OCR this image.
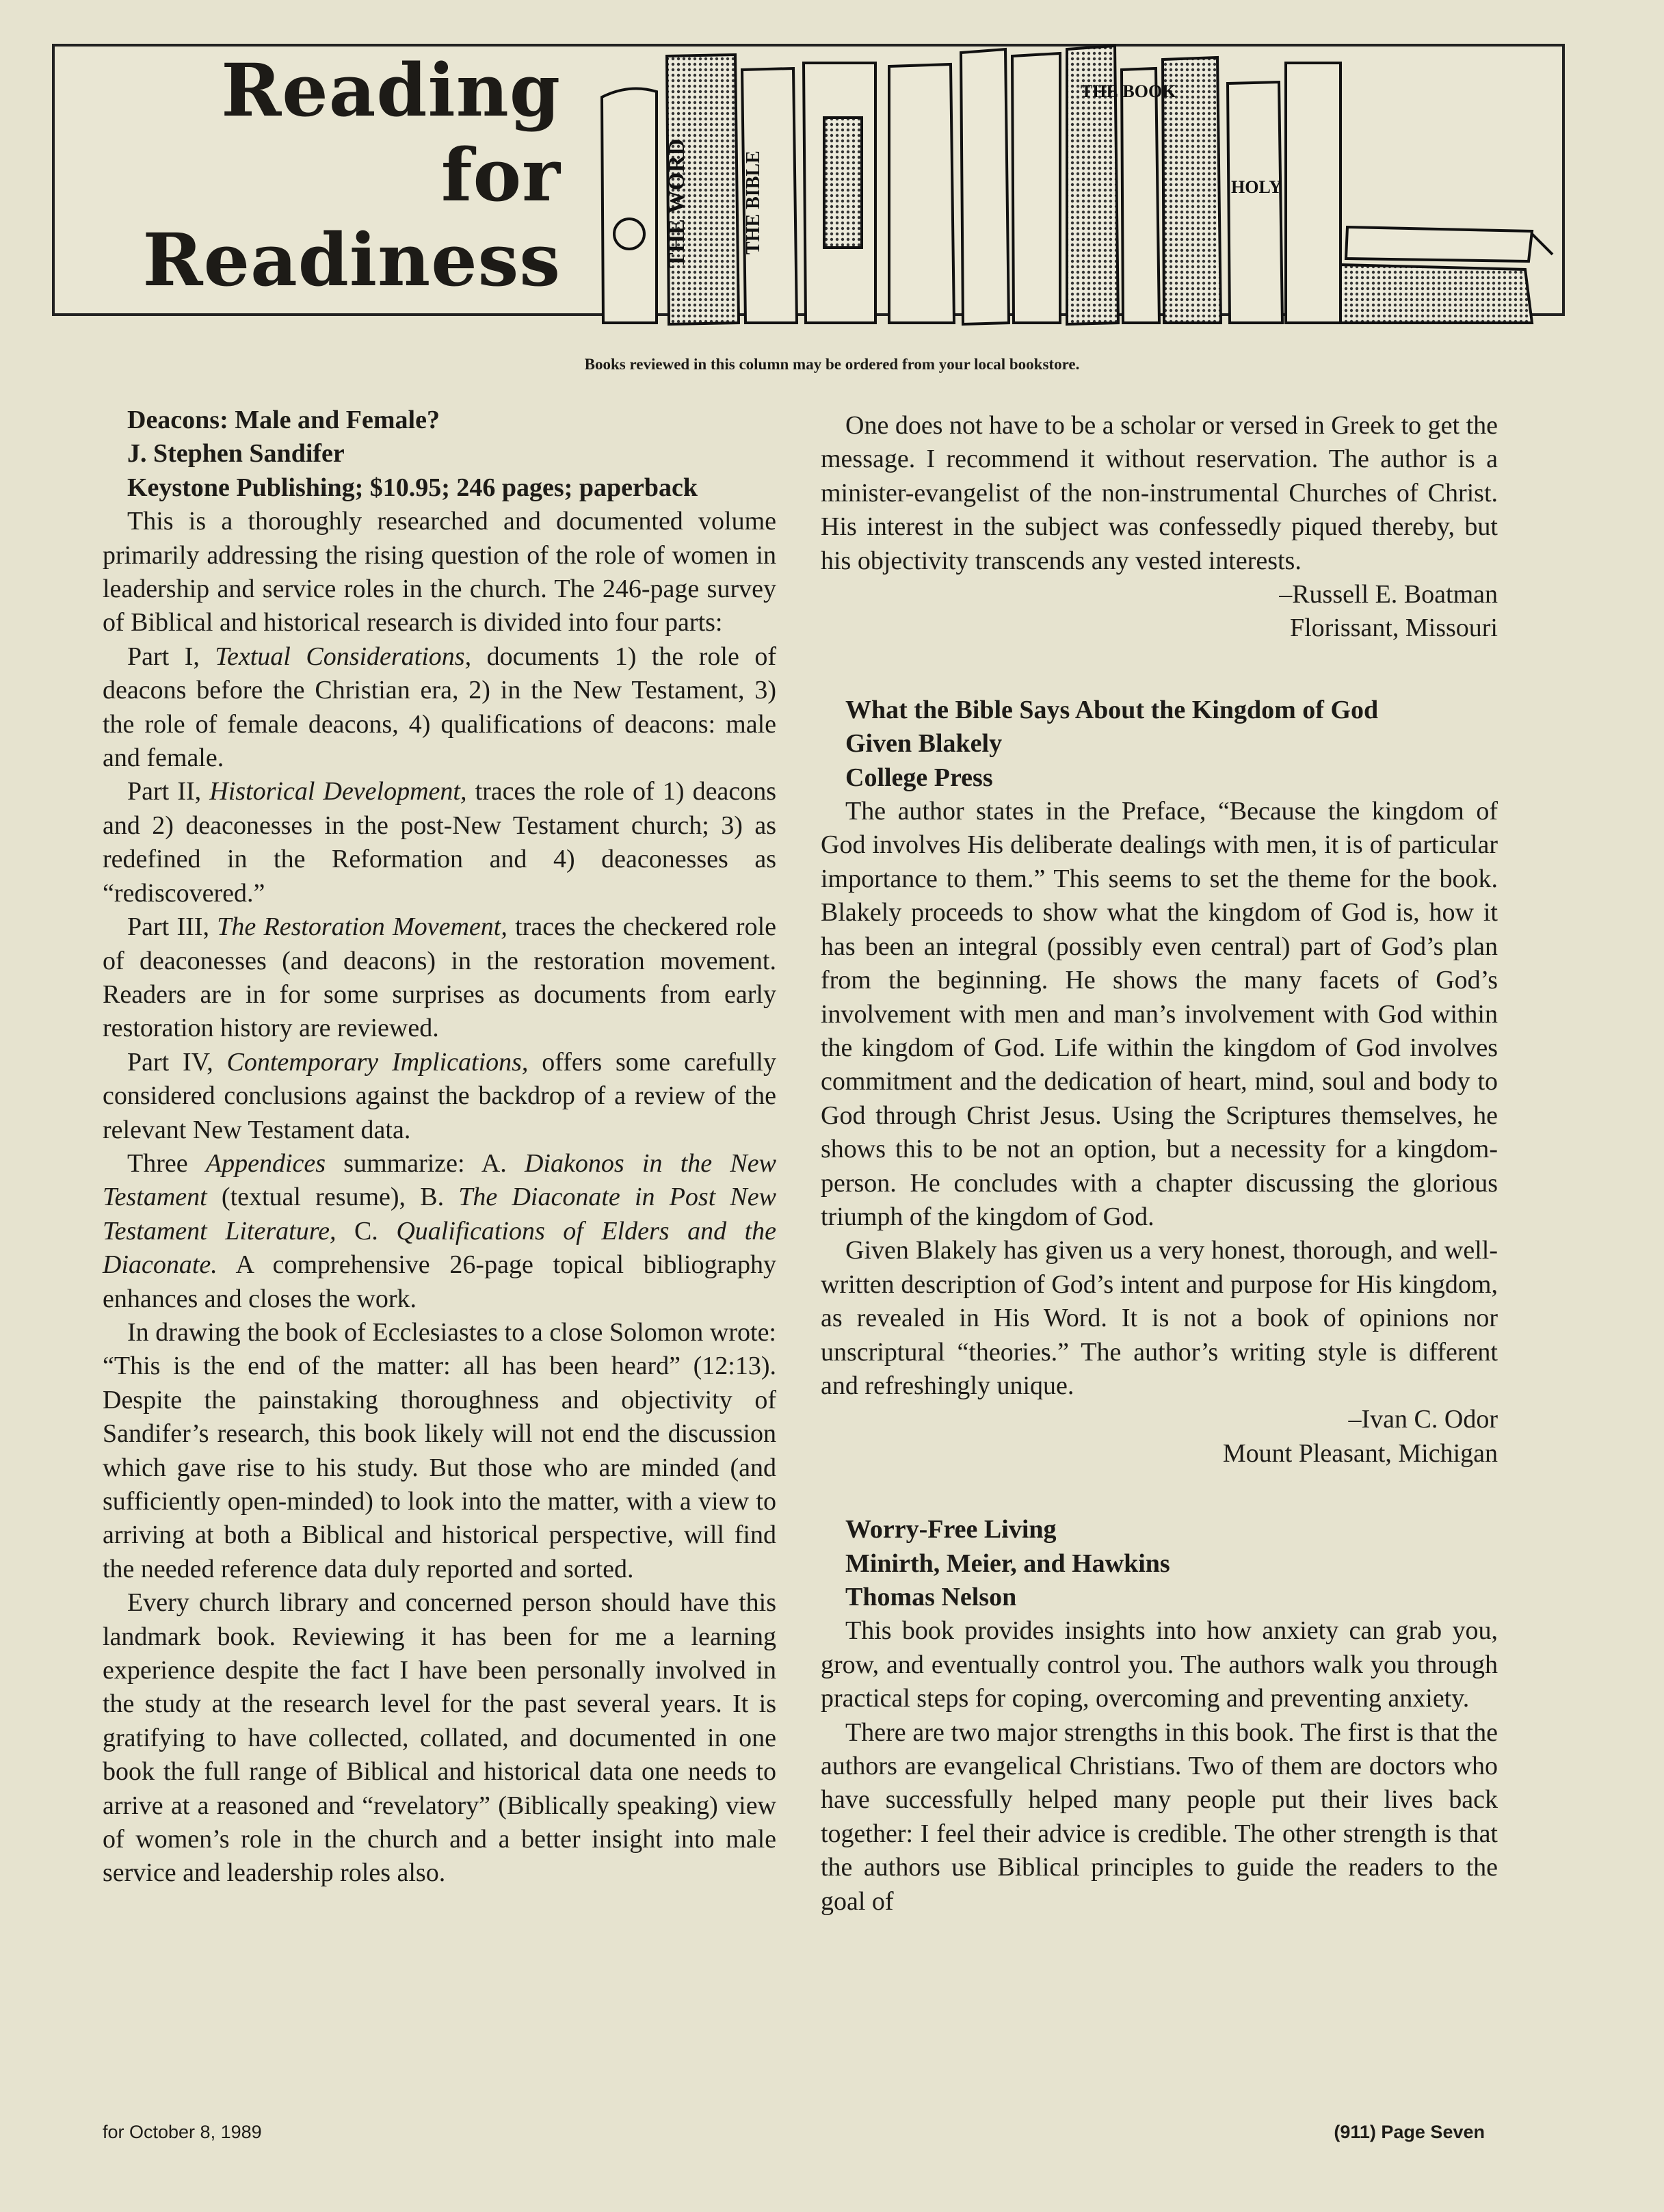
Reading
for
Readiness	THE WORD	THE BIBLE
THE BOOK
HOLY
Books reviewed in this column may be ordered from your local bookstore.

Deacons: Male and Female?

J. Stephen Sandifer

Keystone Publishing; $10.95; 246 pages; paperback

This is a thoroughly researched and documented volume primarily addressing the rising question of the role of women in leadership and service roles in the church. The 246-page survey of Biblical and historical research is divided into four parts:

Part I, Textual Considerations, documents 1) the role of deacons before the Christian era, 2) in the New Testament, 3) the role of female deacons, 4) qualifications of deacons: male and female.

Part II, Historical Development, traces the role of 1) deacons and 2) deaconesses in the post-New Testament church; 3) as redefined in the Reformation and 4) deaconesses as “rediscovered.”

Part III, The Restoration Movement, traces the checkered role of deaconesses (and deacons) in the restoration movement. Readers are in for some surprises as documents from early restoration history are reviewed.

Part IV, Contemporary Implications, offers some carefully considered conclusions against the backdrop of a review of the relevant New Testament data.

Three Appendices summarize: A. Diakonos in the New Testament (textual resume), B. The Diaconate in Post New Testament Literature, C. Qualifications of Elders and the Diaconate. A comprehensive 26-page topical bibliography enhances and closes the work.

In drawing the book of Ecclesiastes to a close Solomon wrote: “This is the end of the matter: all has been heard” (12:13). Despite the painstaking thoroughness and objectivity of Sandifer’s research, this book likely will not end the discussion which gave rise to his study. But those who are minded (and sufficiently open-minded) to look into the matter, with a view to arriving at both a Biblical and historical perspective, will find the needed reference data duly reported and sorted.

Every church library and concerned person should have this landmark book. Reviewing it has been for me a learning experience despite the fact I have been personally involved in the study at the research level for the past several years. It is gratifying to have collected, collated, and documented in one book the full range of Biblical and historical data one needs to arrive at a reasoned and “revelatory” (Biblically speaking) view of women’s role in the church and a better insight into male service and leadership roles also.

One does not have to be a scholar or versed in Greek to get the message. I recommend it without reservation. The author is a minister-evangelist of the non-instrumental Churches of Christ. His interest in the subject was confessedly piqued thereby, but his objectivity transcends any vested interests.

–Russell E. Boatman

Florissant, Missouri

What the Bible Says About the Kingdom of God

Given Blakely

College Press

The author states in the Preface, “Because the kingdom of God involves His deliberate dealings with men, it is of particular importance to them.” This seems to set the theme for the book. Blakely proceeds to show what the kingdom of God is, how it has been an integral (possibly even central) part of God’s plan from the beginning. He shows the many facets of God’s involvement with men and man’s involvement with God within the kingdom of God. Life within the kingdom of God involves commitment and the dedication of heart, mind, soul and body to God through Christ Jesus. Using the Scriptures themselves, he shows this to be not an option, but a necessity for a kingdom-person. He concludes with a chapter discussing the glorious triumph of the kingdom of God.

Given Blakely has given us a very honest, thorough, and well-written description of God’s intent and purpose for His kingdom, as revealed in His Word. It is not a book of opinions nor unscriptural “theories.” The author’s writing style is different and refreshingly unique.

–Ivan C. Odor

Mount Pleasant, Michigan

Worry-Free Living

Minirth, Meier, and Hawkins

Thomas Nelson

This book provides insights into how anxiety can grab you, grow, and eventually control you. The authors walk you through practical steps for coping, overcoming and preventing anxiety.

There are two major strengths in this book. The first is that the authors are evangelical Christians. Two of them are doctors who have successfully helped many people put their lives back together: I feel their advice is credible. The other strength is that the authors use Biblical principles to guide the readers to the goal of

for October 8, 1989	(911) Page Seven
